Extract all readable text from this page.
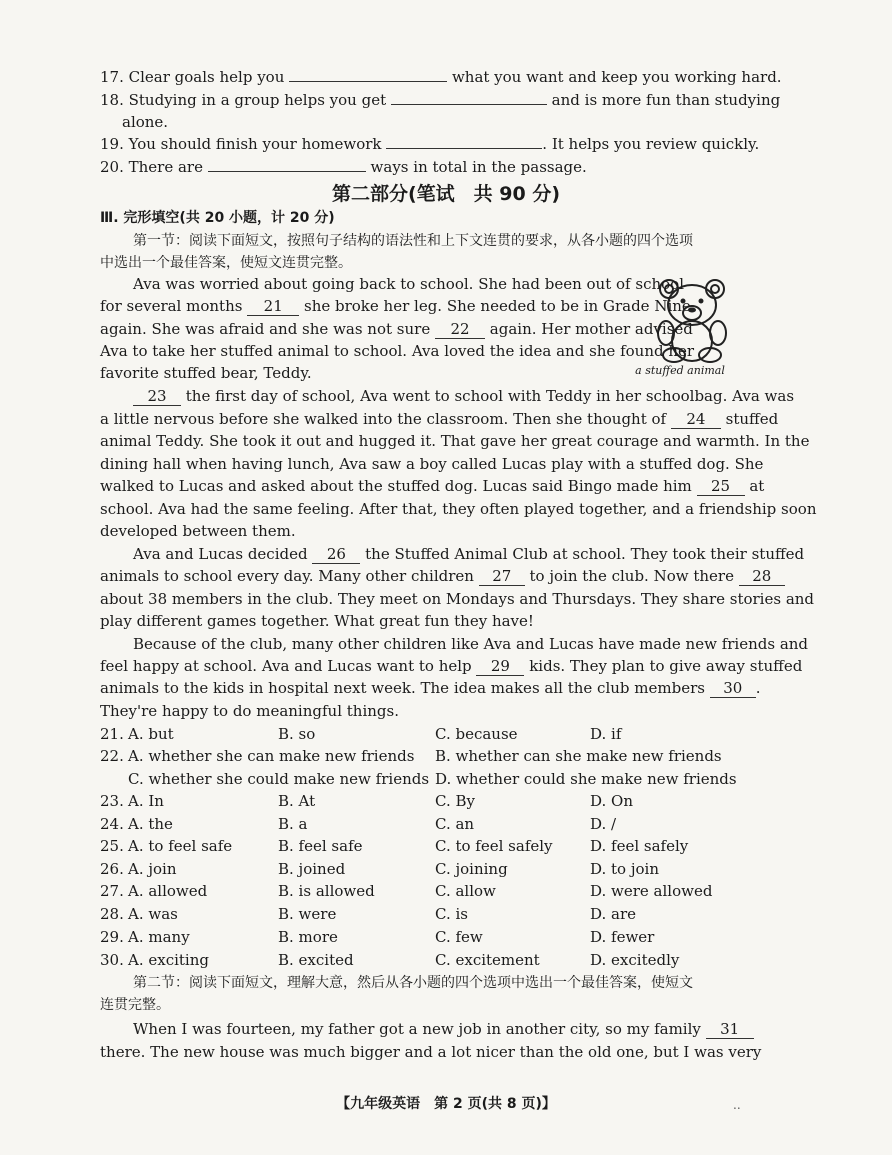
17. Clear goals help you	what you want and keep you working hard.
18. Studying in a group helps you get	and is more fun than studying
alone.
19. You should finish your homework	. It helps you review quickly.
20. There are	ways in total in the passage.
第二部分(笔试　共 90 分)
Ⅲ. 完形填空(共 20 小题，计 20 分)
第一节：阅读下面短文，按照句子结构的语法性和上下文连贯的要求，从各小题的四个选项
中选出一个最佳答案，使短文连贯完整。
a stuffed animal
Ava was worried about going back to school. She had been out of school
for several months 21 she broke her leg. She needed to be in Grade Nine
again. She was afraid and she was not sure 22 again. Her mother advised
Ava to take her stuffed animal to school. Ava loved the idea and she found her
favorite stuffed bear, Teddy.
23 the first day of school, Ava went to school with Teddy in her schoolbag. Ava was
a little nervous before she walked into the classroom. Then she thought of 24 stuffed
animal Teddy. She took it out and hugged it. That gave her great courage and warmth. In the
dining hall when having lunch, Ava saw a boy called Lucas play with a stuffed dog. She
walked to Lucas and asked about the stuffed dog. Lucas said Bingo made him 25 at
school. Ava had the same feeling. After that, they often played together, and a friendship soon
developed between them.
Ava and Lucas decided 26 the Stuffed Animal Club at school. They took their stuffed
animals to school every day. Many other children 27 to join the club. Now there 28
about 38 members in the club. They meet on Mondays and Thursdays. They share stories and
play different games together. What great fun they have!
Because of the club, many other children like Ava and Lucas have made new friends and
feel happy at school. Ava and Lucas want to help 29 kids. They plan to give away stuffed
animals to the kids in hospital next week. The idea makes all the club members 30 .
They're happy to do meaningful things.
21. A. but	B. so	C. because	D. if
22. A. whether she can make new friends B. whether can she make new friends
C. whether she could make new friends D. whether could she make new friends
23. A. In	B. At	C. By	D. On
24. A. the	B. a	C. an	D. /
25. A. to feel safe	B. feel safe	C. to feel safely D. feel safely
26. A. join	B. joined	C. joining	D. to join
27. A. allowed	B. is allowed	C. allow	D. were allowed
28. A. was	B. were	C. is	D. are
29. A. many	B. more	C. few	D. fewer
30. A. exciting	B. excited	C. excitement	D. excitedly
第二节：阅读下面短文，理解大意，然后从各小题的四个选项中选出一个最佳答案，使短文
连贯完整。
When I was fourteen, my father got a new job in another city, so my family 31
there. The new house was much bigger and a lot nicer than the old one, but I was very
【九年级英语　第 2 页(共 8 页)】	..
